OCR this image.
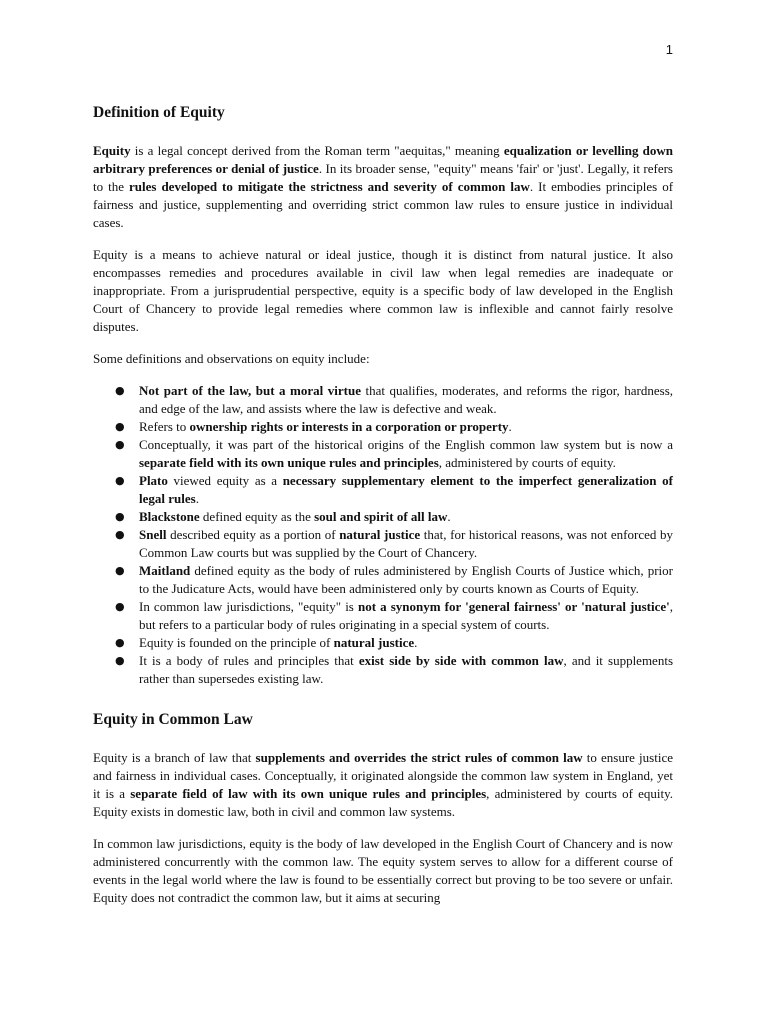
1
Definition of Equity

Equity is a legal concept derived from the Roman term "aequitas," meaning equalization or levelling down arbitrary preferences or denial of justice. In its broader sense, "equity" means 'fair' or 'just'. Legally, it refers to the rules developed to mitigate the strictness and severity of common law. It embodies principles of fairness and justice, supplementing and overriding strict common law rules to ensure justice in individual cases.

Equity is a means to achieve natural or ideal justice, though it is distinct from natural justice. It also encompasses remedies and procedures available in civil law when legal remedies are inadequate or inappropriate. From a jurisprudential perspective, equity is a specific body of law developed in the English Court of Chancery to provide legal remedies where common law is inflexible and cannot fairly resolve disputes.

Some definitions and observations on equity include:

● Not part of the law, but a moral virtue that qualifies, moderates, and reforms the rigor, hardness, and edge of the law, and assists where the law is defective and weak.
● Refers to ownership rights or interests in a corporation or property.
● Conceptually, it was part of the historical origins of the English common law system but is now a separate field with its own unique rules and principles, administered by courts of equity.
● Plato viewed equity as a necessary supplementary element to the imperfect generalization of legal rules.
● Blackstone defined equity as the soul and spirit of all law.
● Snell described equity as a portion of natural justice that, for historical reasons, was not enforced by Common Law courts but was supplied by the Court of Chancery.
● Maitland defined equity as the body of rules administered by English Courts of Justice which, prior to the Judicature Acts, would have been administered only by courts known as Courts of Equity.
● In common law jurisdictions, "equity" is not a synonym for 'general fairness' or 'natural justice', but refers to a particular body of rules originating in a special system of courts.
● Equity is founded on the principle of natural justice.
● It is a body of rules and principles that exist side by side with common law, and it supplements rather than supersedes existing law.
Equity in Common Law

Equity is a branch of law that supplements and overrides the strict rules of common law to ensure justice and fairness in individual cases. Conceptually, it originated alongside the common law system in England, yet it is a separate field of law with its own unique rules and principles, administered by courts of equity. Equity exists in domestic law, both in civil and common law systems.

In common law jurisdictions, equity is the body of law developed in the English Court of Chancery and is now administered concurrently with the common law. The equity system serves to allow for a different course of events in the legal world where the law is found to be essentially correct but proving to be too severe or unfair. Equity does not contradict the common law, but it aims at securing
